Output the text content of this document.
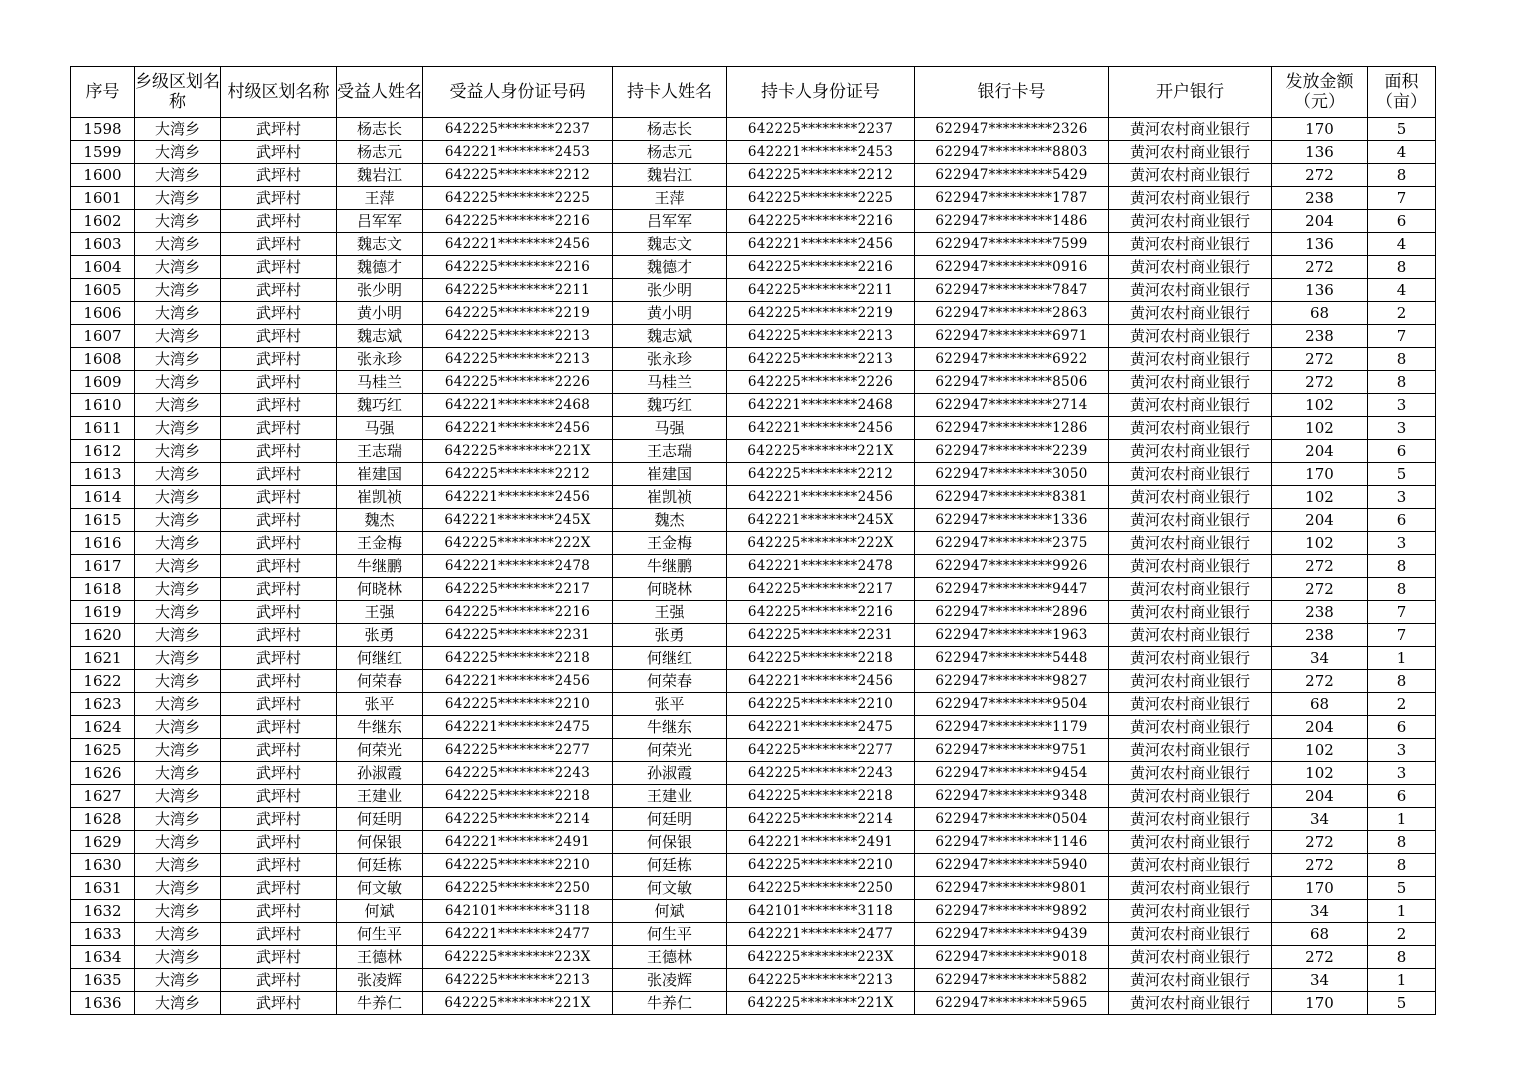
序号	乡级区划名称	村级区划名称	受益人姓名	受益人身份证号码	持卡人姓名	持卡人身份证号	银行卡号	开户银行	发放金额（元）	面积（亩）
1598	大湾乡	武坪村	杨志长	642225********2237	杨志长	642225********2237	622947*********2326	黄河农村商业银行	170	5
1599	大湾乡	武坪村	杨志元	642221********2453	杨志元	642221********2453	622947*********8803	黄河农村商业银行	136	4
1600	大湾乡	武坪村	魏岩江	642225********2212	魏岩江	642225********2212	622947*********5429	黄河农村商业银行	272	8
1601	大湾乡	武坪村	王萍	642225********2225	王萍	642225********2225	622947*********1787	黄河农村商业银行	238	7
1602	大湾乡	武坪村	吕军军	642225********2216	吕军军	642225********2216	622947*********1486	黄河农村商业银行	204	6
1603	大湾乡	武坪村	魏志文	642221********2456	魏志文	642221********2456	622947*********7599	黄河农村商业银行	136	4
1604	大湾乡	武坪村	魏德才	642225********2216	魏德才	642225********2216	622947*********0916	黄河农村商业银行	272	8
1605	大湾乡	武坪村	张少明	642225********2211	张少明	642225********2211	622947*********7847	黄河农村商业银行	136	4
1606	大湾乡	武坪村	黄小明	642225********2219	黄小明	642225********2219	622947*********2863	黄河农村商业银行	68	2
1607	大湾乡	武坪村	魏志斌	642225********2213	魏志斌	642225********2213	622947*********6971	黄河农村商业银行	238	7
1608	大湾乡	武坪村	张永珍	642225********2213	张永珍	642225********2213	622947*********6922	黄河农村商业银行	272	8
1609	大湾乡	武坪村	马桂兰	642225********2226	马桂兰	642225********2226	622947*********8506	黄河农村商业银行	272	8
1610	大湾乡	武坪村	魏巧红	642221********2468	魏巧红	642221********2468	622947*********2714	黄河农村商业银行	102	3
1611	大湾乡	武坪村	马强	642221********2456	马强	642221********2456	622947*********1286	黄河农村商业银行	102	3
1612	大湾乡	武坪村	王志瑞	642225********221X	王志瑞	642225********221X	622947*********2239	黄河农村商业银行	204	6
1613	大湾乡	武坪村	崔建国	642225********2212	崔建国	642225********2212	622947*********3050	黄河农村商业银行	170	5
1614	大湾乡	武坪村	崔凯祯	642221********2456	崔凯祯	642221********2456	622947*********8381	黄河农村商业银行	102	3
1615	大湾乡	武坪村	魏杰	642221********245X	魏杰	642221********245X	622947*********1336	黄河农村商业银行	204	6
1616	大湾乡	武坪村	王金梅	642225********222X	王金梅	642225********222X	622947*********2375	黄河农村商业银行	102	3
1617	大湾乡	武坪村	牛继鹏	642221********2478	牛继鹏	642221********2478	622947*********9926	黄河农村商业银行	272	8
1618	大湾乡	武坪村	何晓林	642225********2217	何晓林	642225********2217	622947*********9447	黄河农村商业银行	272	8
1619	大湾乡	武坪村	王强	642225********2216	王强	642225********2216	622947*********2896	黄河农村商业银行	238	7
1620	大湾乡	武坪村	张勇	642225********2231	张勇	642225********2231	622947*********1963	黄河农村商业银行	238	7
1621	大湾乡	武坪村	何继红	642225********2218	何继红	642225********2218	622947*********5448	黄河农村商业银行	34	1
1622	大湾乡	武坪村	何荣春	642221********2456	何荣春	642221********2456	622947*********9827	黄河农村商业银行	272	8
1623	大湾乡	武坪村	张平	642225********2210	张平	642225********2210	622947*********9504	黄河农村商业银行	68	2
1624	大湾乡	武坪村	牛继东	642221********2475	牛继东	642221********2475	622947*********1179	黄河农村商业银行	204	6
1625	大湾乡	武坪村	何荣光	642225********2277	何荣光	642225********2277	622947*********9751	黄河农村商业银行	102	3
1626	大湾乡	武坪村	孙淑霞	642225********2243	孙淑霞	642225********2243	622947*********9454	黄河农村商业银行	102	3
1627	大湾乡	武坪村	王建业	642225********2218	王建业	642225********2218	622947*********9348	黄河农村商业银行	204	6
1628	大湾乡	武坪村	何廷明	642225********2214	何廷明	642225********2214	622947*********0504	黄河农村商业银行	34	1
1629	大湾乡	武坪村	何保银	642221********2491	何保银	642221********2491	622947*********1146	黄河农村商业银行	272	8
1630	大湾乡	武坪村	何廷栋	642225********2210	何廷栋	642225********2210	622947*********5940	黄河农村商业银行	272	8
1631	大湾乡	武坪村	何文敏	642225********2250	何文敏	642225********2250	622947*********9801	黄河农村商业银行	170	5
1632	大湾乡	武坪村	何斌	642101********3118	何斌	642101********3118	622947*********9892	黄河农村商业银行	34	1
1633	大湾乡	武坪村	何生平	642221********2477	何生平	642221********2477	622947*********9439	黄河农村商业银行	68	2
1634	大湾乡	武坪村	王德林	642225********223X	王德林	642225********223X	622947*********9018	黄河农村商业银行	272	8
1635	大湾乡	武坪村	张凌辉	642225********2213	张凌辉	642225********2213	622947*********5882	黄河农村商业银行	34	1
1636	大湾乡	武坪村	牛养仁	642225********221X	牛养仁	642225********221X	622947*********5965	黄河农村商业银行	170	5
